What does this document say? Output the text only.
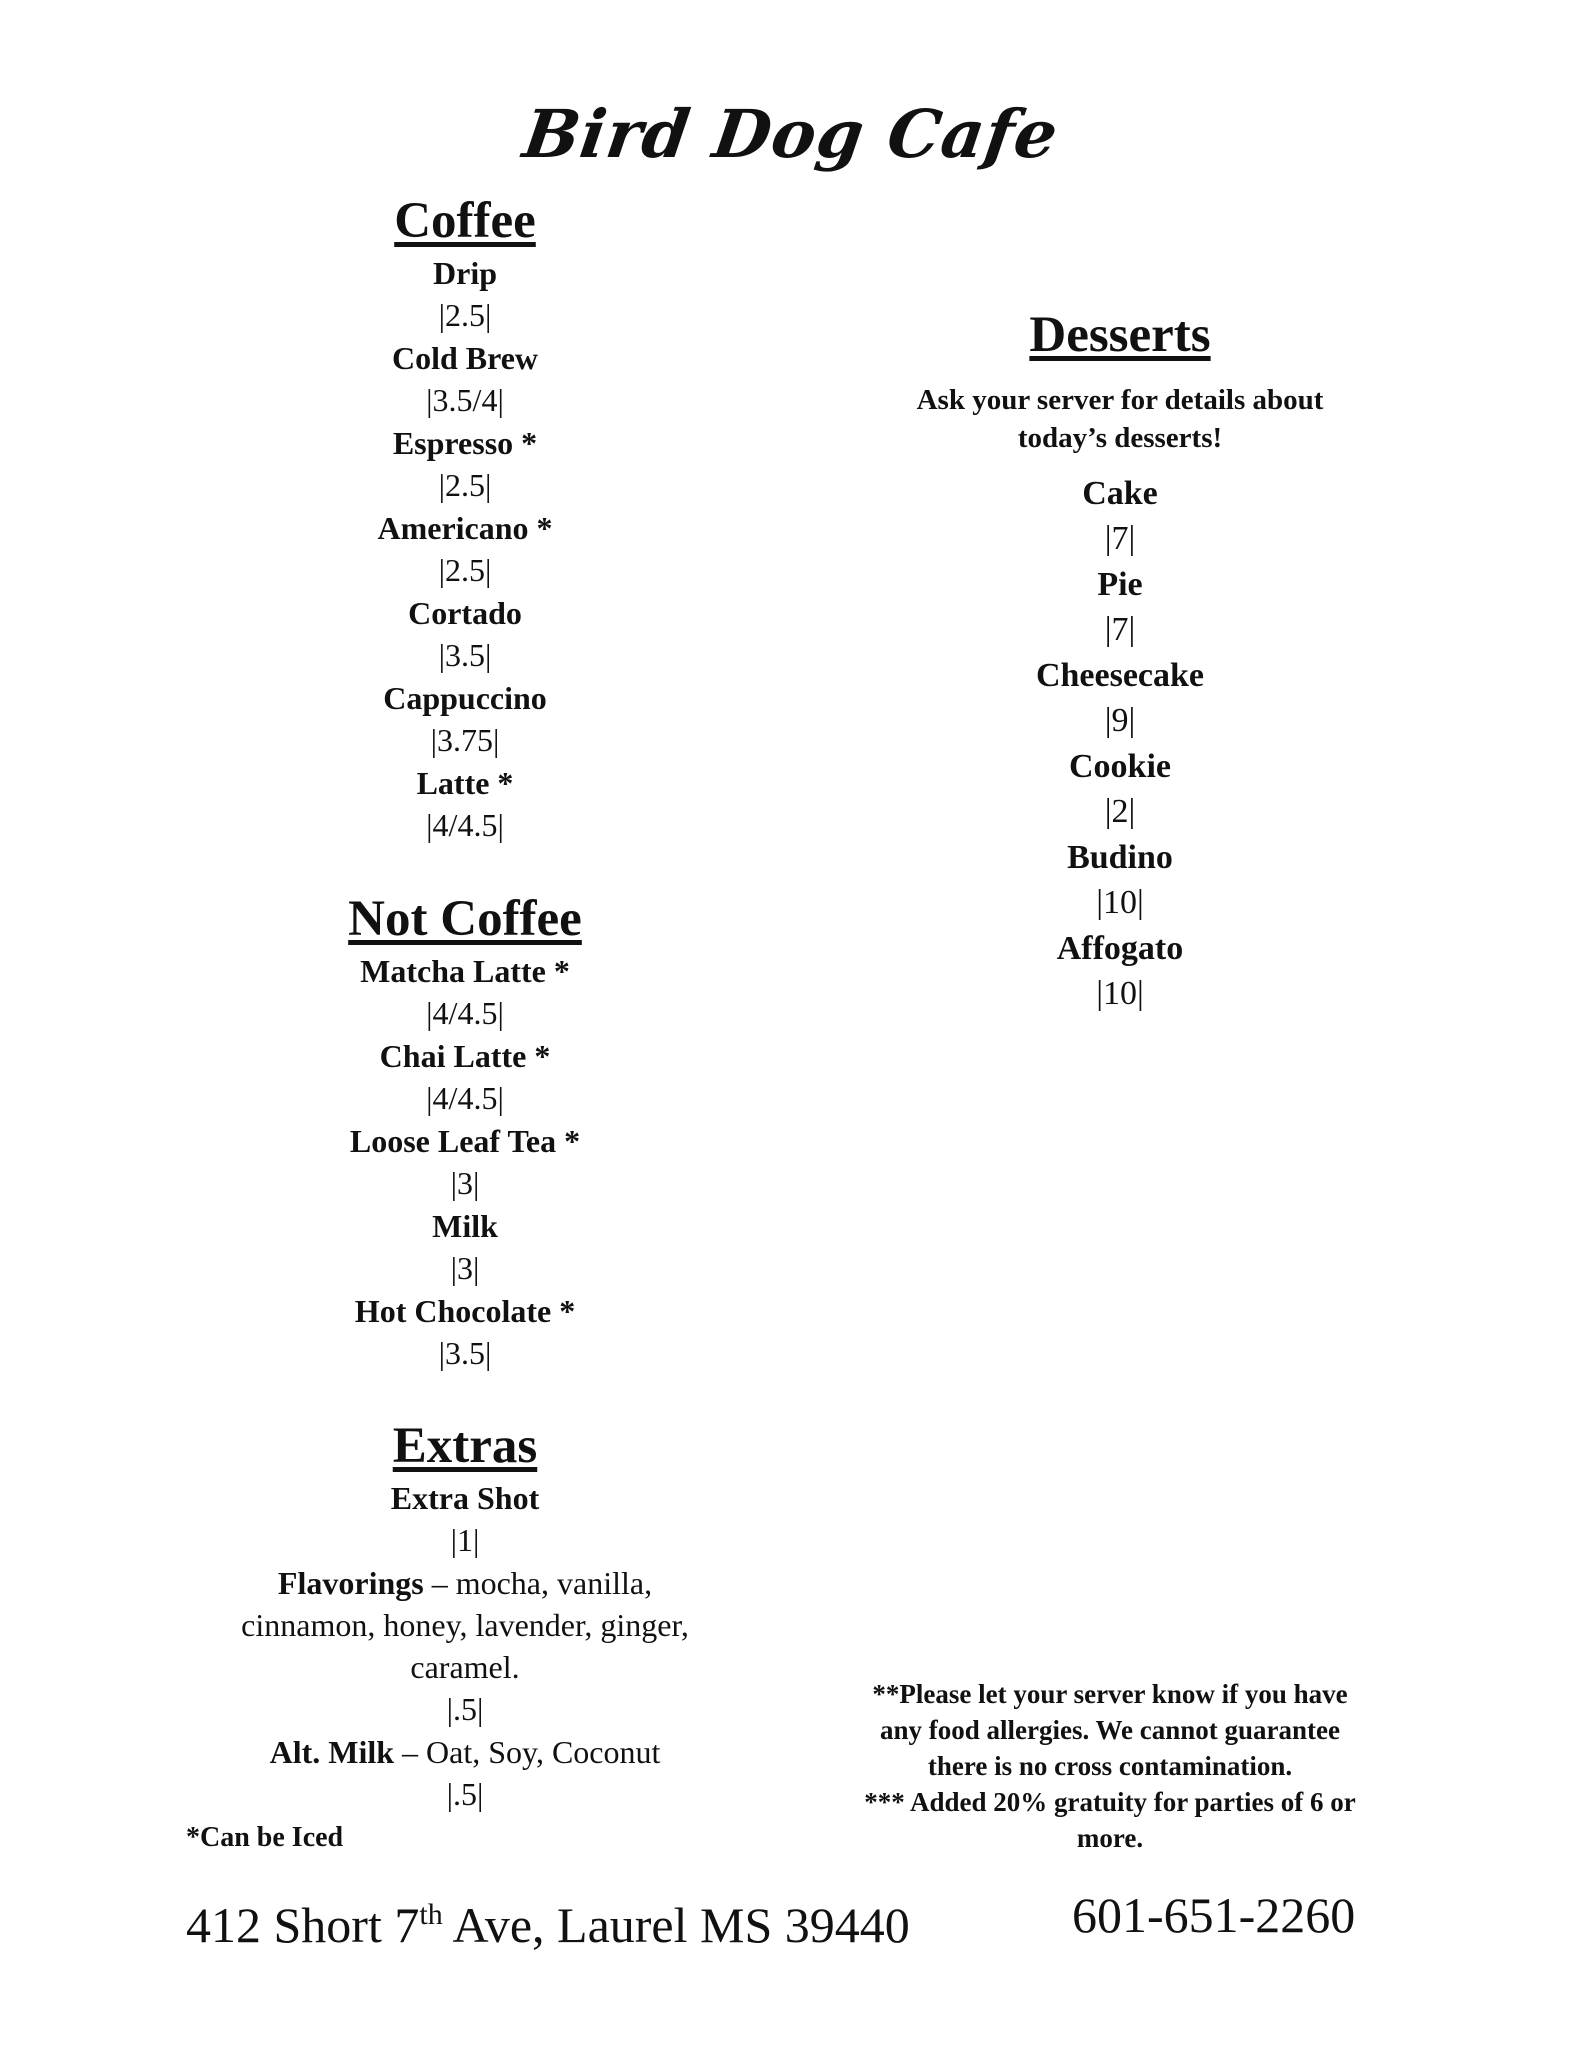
Bird Dog Cafe
Coffee
Drip
|2.5|
Cold Brew
|3.5/4|
Espresso *
|2.5|
Americano *
|2.5|
Cortado
|3.5|
Cappuccino
|3.75|
Latte *
|4/4.5|
Not Coffee
Matcha Latte *
|4/4.5|
Chai Latte *
|4/4.5|
Loose Leaf Tea *
|3|
Milk
|3|
Hot Chocolate *
|3.5|
Extras
Extra Shot
|1|
Flavorings – mocha, vanilla,
cinnamon, honey, lavender, ginger,
caramel.
|.5|
Alt. Milk – Oat, Soy, Coconut
|.5|
*Can be Iced
Desserts
Ask your server for details about
today’s desserts!
Cake
|7|
Pie
|7|
Cheesecake
|9|
Cookie
|2|
Budino
|10|
Affogato
|10|
**Please let your server know if you have
any food allergies. We cannot guarantee
there is no cross contamination.
*** Added 20% gratuity for parties of 6 or
more.
412 Short 7th Ave, Laurel MS 39440	601-651-2260
